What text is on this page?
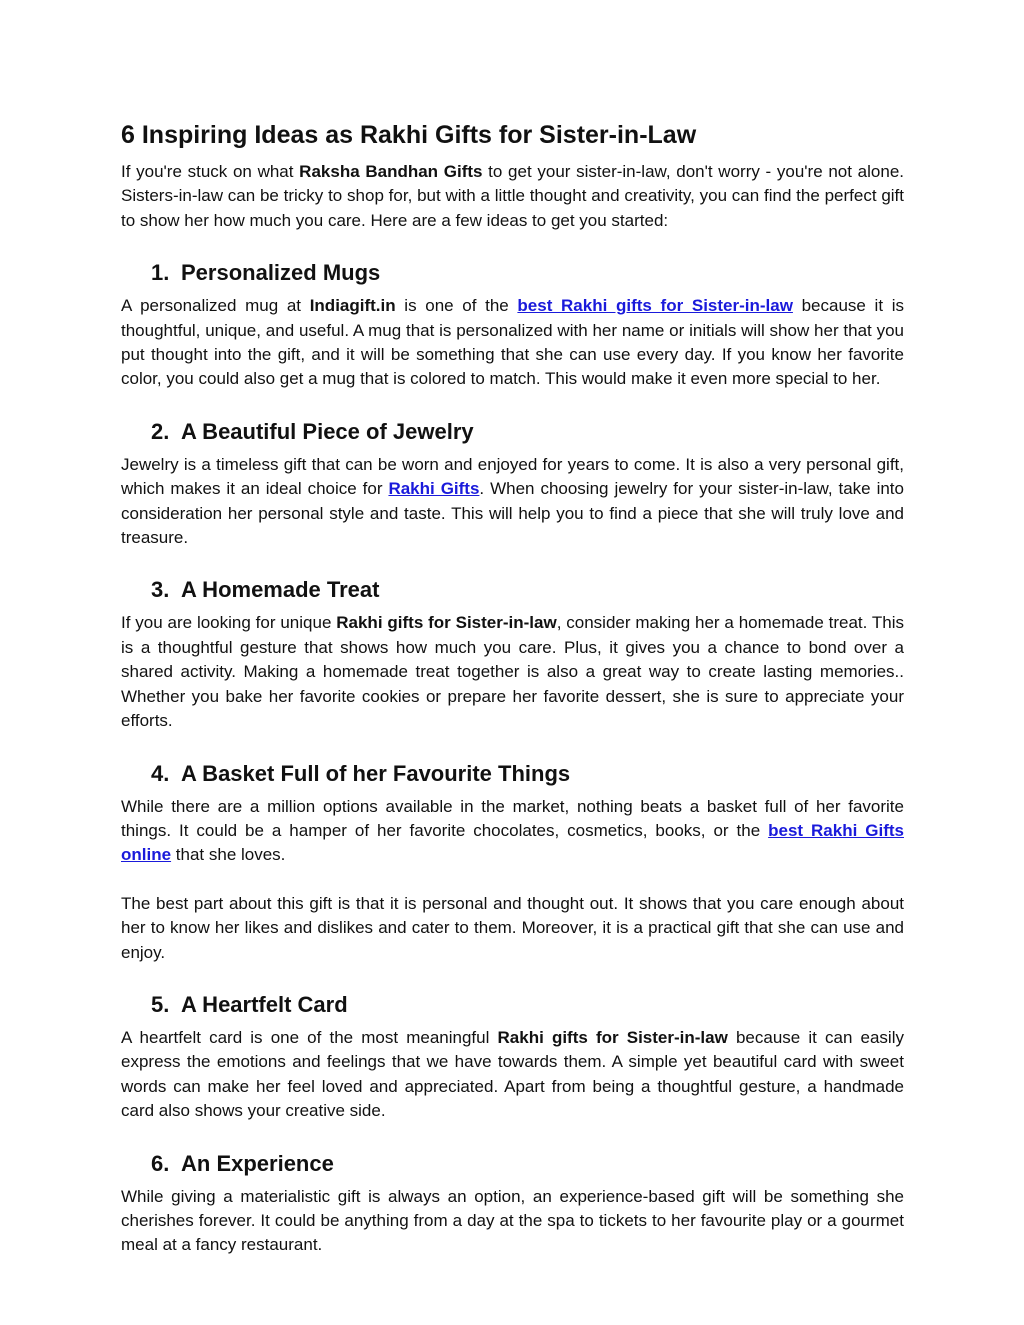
6 Inspiring Ideas as Rakhi Gifts for Sister-in-Law

If you're stuck on what Raksha Bandhan Gifts to get your sister-in-law, don't worry - you're not alone. Sisters-in-law can be tricky to shop for, but with a little thought and creativity, you can find the perfect gift to show her how much you care. Here are a few ideas to get you started:

1. Personalized Mugs

A personalized mug at Indiagift.in is one of the best Rakhi gifts for Sister-in-law because it is thoughtful, unique, and useful. A mug that is personalized with her name or initials will show her that you put thought into the gift, and it will be something that she can use every day. If you know her favorite color, you could also get a mug that is colored to match. This would make it even more special to her.

2. A Beautiful Piece of Jewelry

Jewelry is a timeless gift that can be worn and enjoyed for years to come. It is also a very personal gift, which makes it an ideal choice for Rakhi Gifts. When choosing jewelry for your sister-in-law, take into consideration her personal style and taste. This will help you to find a piece that she will truly love and treasure.

3. A Homemade Treat

If you are looking for unique Rakhi gifts for Sister-in-law, consider making her a homemade treat. This is a thoughtful gesture that shows how much you care. Plus, it gives you a chance to bond over a shared activity. Making a homemade treat together is also a great way to create lasting memories.. Whether you bake her favorite cookies or prepare her favorite dessert, she is sure to appreciate your efforts.

4. A Basket Full of her Favourite Things

While there are a million options available in the market, nothing beats a basket full of her favorite things. It could be a hamper of her favorite chocolates, cosmetics, books, or the best Rakhi Gifts online that she loves.

The best part about this gift is that it is personal and thought out. It shows that you care enough about her to know her likes and dislikes and cater to them. Moreover, it is a practical gift that she can use and enjoy.

5. A Heartfelt Card

A heartfelt card is one of the most meaningful Rakhi gifts for Sister-in-law because it can easily express the emotions and feelings that we have towards them. A simple yet beautiful card with sweet words can make her feel loved and appreciated. Apart from being a thoughtful gesture, a handmade card also shows your creative side.

6. An Experience

While giving a materialistic gift is always an option, an experience-based gift will be something she cherishes forever. It could be anything from a day at the spa to tickets to her favourite play or a gourmet meal at a fancy restaurant.
